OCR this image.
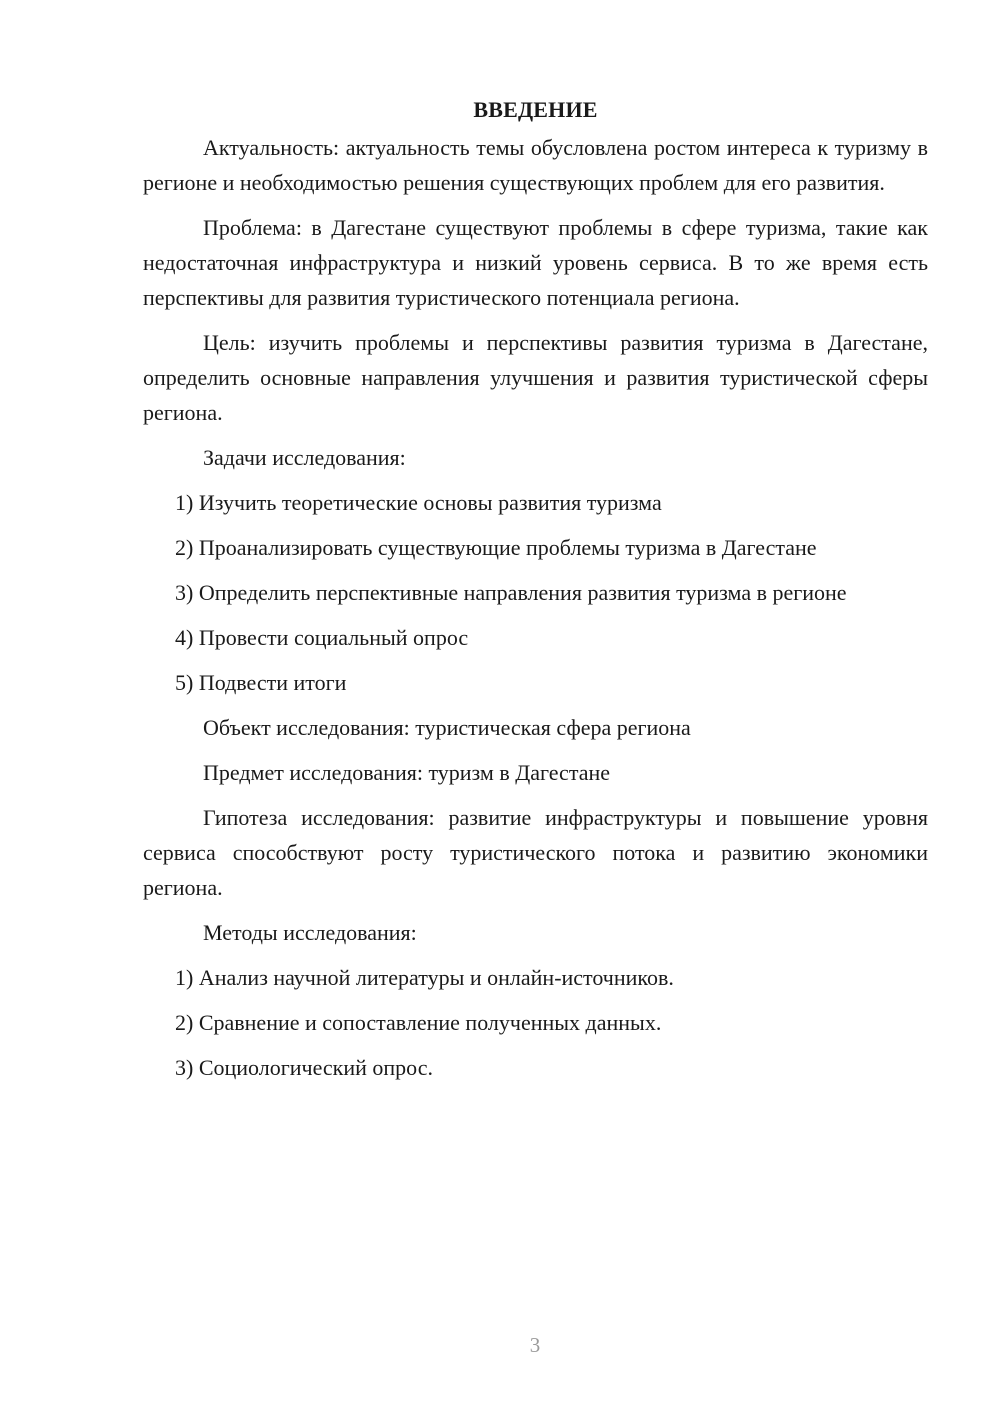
ВВЕДЕНИЕ

Актуальность: актуальность темы обусловлена ростом интереса к туризму в регионе и необходимостью решения существующих проблем для его развития.

Проблема: в Дагестане существуют проблемы в сфере туризма, такие как недостаточная инфраструктура и низкий уровень сервиса. В то же время есть перспективы для развития туристического потенциала региона.

Цель: изучить проблемы и перспективы развития туризма в Дагестане, определить основные направления улучшения и развития туристической сферы региона.

Задачи исследования:

1) Изучить теоретические основы развития туризма

2) Проанализировать существующие проблемы туризма в Дагестане

3) Определить перспективные направления развития туризма в регионе

4) Провести социальный опрос

5) Подвести итоги

Объект исследования: туристическая сфера региона

Предмет исследования: туризм в Дагестане

Гипотеза исследования: развитие инфраструктуры и повышение уровня сервиса способствуют росту туристического потока и развитию экономики региона.

Методы исследования:

1) Анализ научной литературы и онлайн-источников.

2) Сравнение и сопоставление полученных данных.

3) Социологический опрос.

3
